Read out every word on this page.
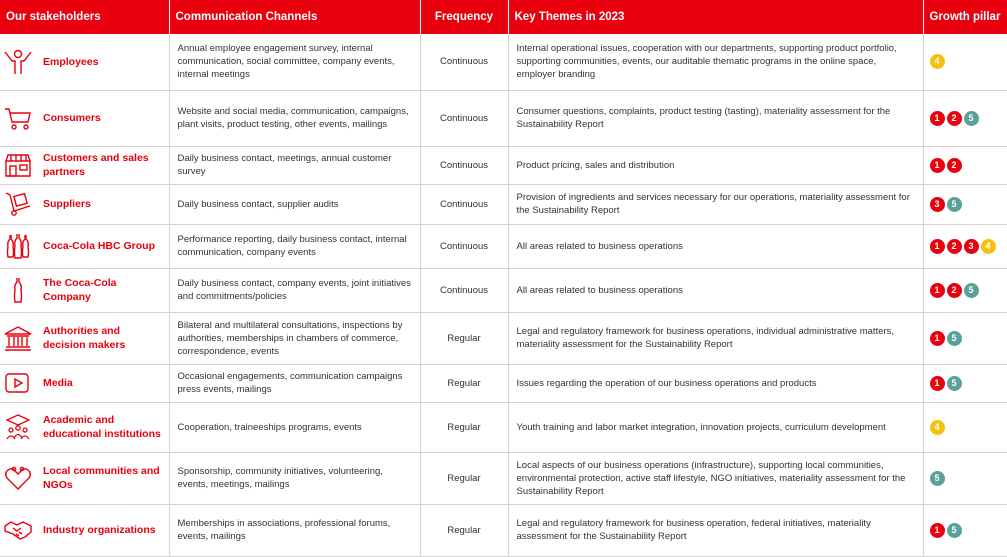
Our stakeholders	Communication Channels	Frequency	Key Themes in 2023	Growth pillar

Employees	Annual employee engagement survey, internal communication, social committee, company events, internal meetings	Continuous	Internal operational issues, cooperation with our departments, supporting product portfolio, supporting communities, events, our auditable thematic programs in the online space, employer branding	4

Consumers	Website and social media, communication, campaigns, plant visits, product testing, other events, mailings	Continuous	Consumer questions, complaints, product testing (tasting), materiality assessment for the Sustainability Report	1 2 5

Customers and sales partners	Daily business contact, meetings, annual customer survey	Continuous	Product pricing, sales and distribution	1 2

Suppliers	Daily business contact, supplier audits	Continuous	Provision of ingredients and services necessary for our operations, materiality assessment for the Sustainability Report	3 5

Coca-Cola HBC Group	Performance reporting, daily business contact, internal communication, company events	Continuous	All areas related to business operations	1 2 3 4

The Coca-Cola Company	Daily business contact, company events, joint initiatives and commitments/policies	Continuous	All areas related to business operations	1 2 5

Authorities and decision makers	Bilateral and multilateral consultations, inspections by authorities, memberships in chambers of commerce, correspondence, events	Regular	Legal and regulatory framework for business operations, individual administrative matters, materiality assessment for the Sustainability Report	1 5

Media	Occasional engagements, communication campaigns press events, mailings	Regular	Issues regarding the operation of our business operations and products	1 5

Academic and educational institutions	Cooperation, traineeships programs, events	Regular	Youth training and labor market integration, innovation projects, curriculum development	4

Local communities and NGOs	Sponsorship, community initiatives, volunteering, events, meetings, mailings	Regular	Local aspects of our business operations (infrastructure), supporting local communities, environmental protection, active staff lifestyle, NGO initiatives, materiality assessment for the Sustainability Report	5

Industry organizations	Memberships in associations, professional forums, events, mailings	Regular	Legal and regulatory framework for business operation, federal initiatives, materiality assessment for the Sustainability Report	1 5
